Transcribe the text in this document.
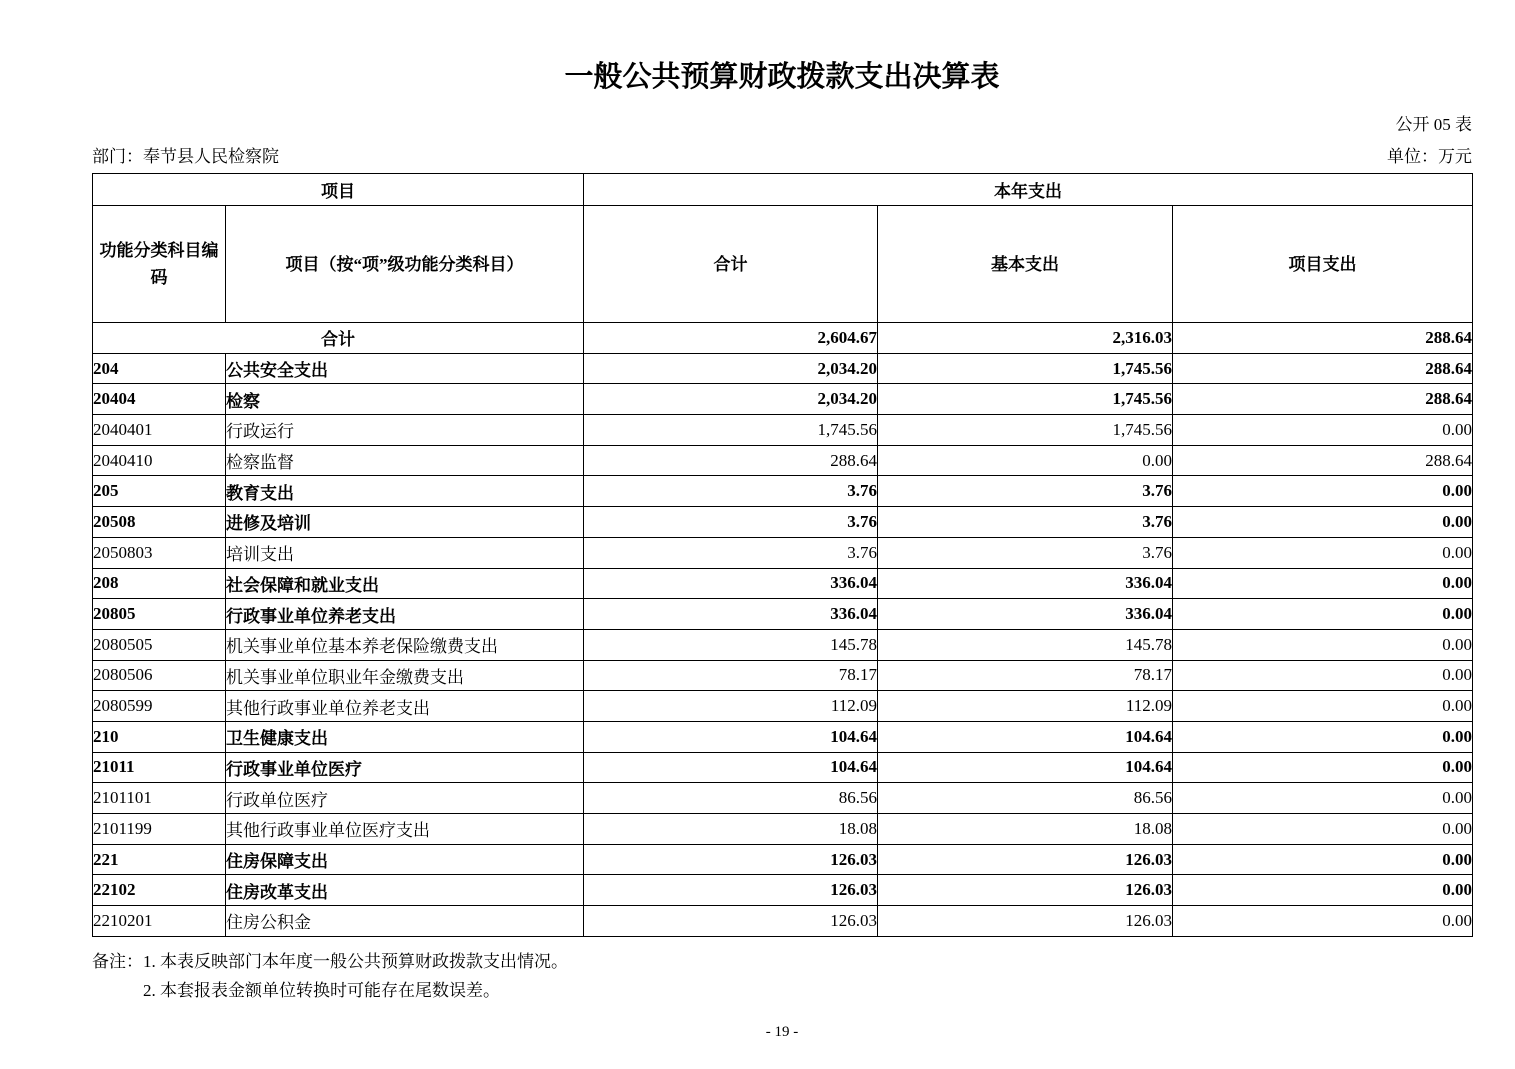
一般公共预算财政拨款支出决算表
公开 05 表
部门：奉节县人民检察院	单位：万元
项目		本年支出		
功能分类科目编码	项目（按“项”级功能分类科目）	合计	基本支出	项目支出
合计		2,604.67	2,316.03	288.64
204	公共安全支出	2,034.20	1,745.56	288.64
20404	检察	2,034.20	1,745.56	288.64
2040401	行政运行	1,745.56	1,745.56	0.00
2040410	检察监督	288.64	0.00	288.64
205	教育支出	3.76	3.76	0.00
20508	进修及培训	3.76	3.76	0.00
2050803	培训支出	3.76	3.76	0.00
208	社会保障和就业支出	336.04	336.04	0.00
20805	行政事业单位养老支出	336.04	336.04	0.00
2080505	机关事业单位基本养老保险缴费支出	145.78	145.78	0.00
2080506	机关事业单位职业年金缴费支出	78.17	78.17	0.00
2080599	其他行政事业单位养老支出	112.09	112.09	0.00
210	卫生健康支出	104.64	104.64	0.00
21011	行政事业单位医疗	104.64	104.64	0.00
2101101	行政单位医疗	86.56	86.56	0.00
2101199	其他行政事业单位医疗支出	18.08	18.08	0.00
221	住房保障支出	126.03	126.03	0.00
22102	住房改革支出	126.03	126.03	0.00
2210201	住房公积金	126.03	126.03	0.00
备注： 1. 本表反映部门本年度一般公共预算财政拨款支出情况。
2. 本套报表金额单位转换时可能存在尾数误差。
- 19 -
